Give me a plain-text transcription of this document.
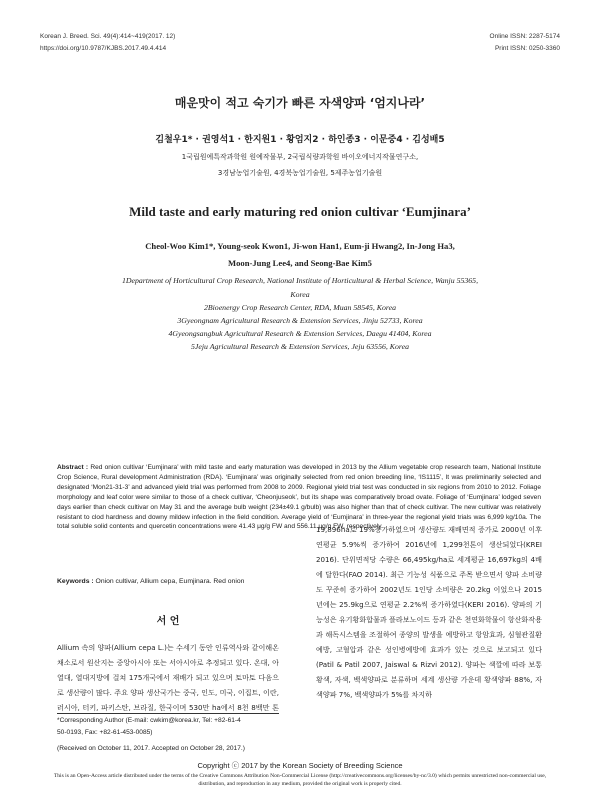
Korean J. Breed. Sci. 49(4):414~419(2017. 12)
https://doi.org/10.9787/KJBS.2017.49.4.414
Online ISSN: 2287-5174
Print ISSN: 0250-3360
매운맛이 적고 숙기가 빠른 자색양파 ‘엄지나라’
김철우1* · 권영석1 · 한지원1 · 황엄지2 · 하인종3 · 이문중4 · 김성배5
1국립원예특작과학원 원예작물부, 2국립식량과학원 바이오에너지작물연구소,
3경남농업기술원, 4경북농업기술원, 5제주농업기술원
Mild taste and early maturing red onion cultivar ‘Eumjinara’
Cheol-Woo Kim1*, Young-seok Kwon1, Ji-won Han1, Eum-ji Hwang2, In-Jong Ha3,
Moon-Jung Lee4, and Seong-Bae Kim5
1Department of Horticultural Crop Research, National Institute of Horticultural & Herbal Science, Wanju 55365,
Korea
2Bioenergy Crop Research Center, RDA, Muan 58545, Korea
3Gyeongnam Agricultural Research & Extension Services, Jinju 52733, Korea
4Gyeongsangbuk Agricultural Research & Extension Services, Daegu 41404, Korea
5Jeju Agricultural Research & Extension Services, Jeju 63556, Korea
Abstract : Red onion cultivar ‘Eumjinara’ with mild taste and early maturation was developed in 2013 by the Allium vegetable crop research team, National Institute Crop Science, Rural development Administration (RDA). ‘Eumjinara’ was originally selected from red onion breeding line, ‘IS1115’, It was preliminarily selected and designated ‘Mon21-31-3’ and advanced yield trial was performed from 2008 to 2009. Regional yield trial test was conducted in six regions from 2010 to 2012. Foliage morphology and leaf color were similar to those of a check cultivar, ‘Cheonjuseok’, but its shape was comparatively broad ovate. Foliage of ‘Eumjinara’ lodged seven days earlier than check cultivar on May 31 and the average bulb weight (234±49.1 g/bulb) was also higher than that of check cultivar. The new cultivar was relatively resistant to clod hardness and downy mildew infection in the field condition. Average yield of ‘Eumjinara’ in three-year the regional yield trials was 6,999 kg/10a. The total soluble solid contents and quercetin concentrations were 41.43 μg/g FW and 556.11 μg/g FW, respectively.
Keywords : Onion cultivar, Allium cepa, Eumjinara. Red onion
서 언
Allium 속의 양파(Allium cepa L.)는 수세기 동안 인류역사와 같이해온 채소로서 원산지는 중앙아시아 또는 서아시아로 추정되고 있다. 온대, 아열대, 열대지방에 걸쳐 175개국에서 재배가 되고 있으며 토마토 다음으로 생산량이 많다. 주요 양파 생산국가는 중국, 인도, 미국, 이집트, 이란, 러시아, 터키, 파키스탄, 브라질, 한국이며 530만 ha에서 8천 8백만 톤
19,896ha로 19%증가하였으며 생산량도 재배면적 증가로 2000년 이후 연평균 5.9%씩 증가하여 2016년에 1,299천톤이 생산되었다(KREI 2016). 단위면적당 수량은 66,495kg/ha로 세계평균 16,697kg의 4배에 달한다(FAO 2014). 최근 기능성 식품으로 주목 받으면서 양파 소비량도 꾸준히 증가하여 2002년도 1인당 소비량은 20.2kg 이었으나 2015년에는 25.9kg으로 연평균 2.2%씩 증가하였다(KERI 2016). 양파의 기능성은 유기황화합물과 플라보노이드 등과 같은 천연화학물이 항산화작용과 해독시스템을 조절하여 종양의 발생을 예방하고 항암효과, 심혈관질환예방, 고혈압과 같은 성인병예방에 효과가 있는 것으로 보고되고 있다(Patil & Patil 2007, Jaiswal & Rizvi 2012). 양파는 색깔에 따라 보통 황색, 자색, 백색양파로 분류하며 세계 생산량 가운데 황색양파 88%, 자색양파 7%, 백색양파가 5%를 차지하
*Corresponding Author (E-mail: cwkim@korea.kr, Tel: +82-61-4
50-0193, Fax: +82-61-453-0085)
(Received on October 11, 2017. Accepted on October 28, 2017.)
Copyright ⓒ 2017 by the Korean Society of Breeding Science
This is an Open-Access article distributed under the terms of the Creative Commons Attribution Non-Commercial License (http://creativecommons.org/licenses/by-nc/3.0) which permits unrestricted non-commercial use, distribution, and reproduction in any medium, provided the original work is properly cited.
